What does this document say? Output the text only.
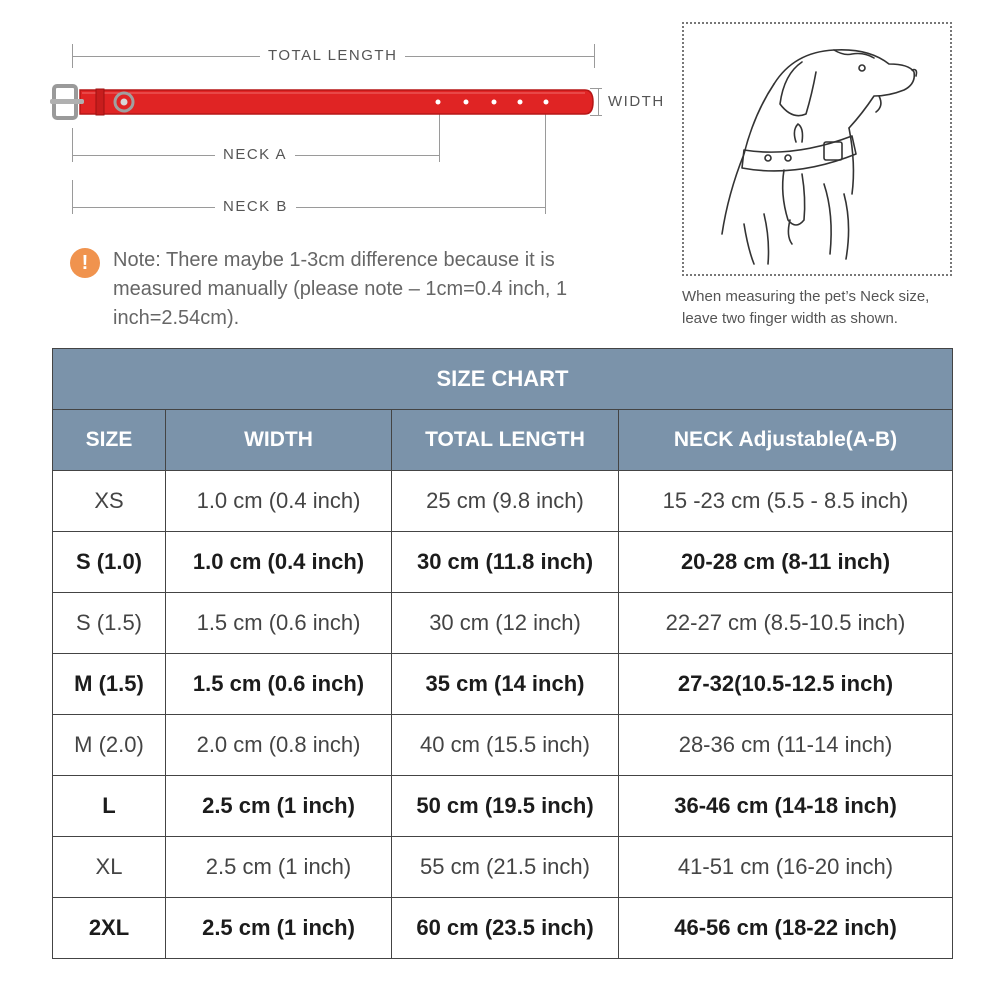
TOTAL LENGTH
WIDTH
NECK A
NECK B
!	Note: There maybe 1-3cm difference because it is measured manually (please note – 1cm=0.4 inch, 1 inch=2.54cm).
When measuring the pet’s Neck size,
leave two finger width as shown.
SIZE CHART			
SIZE	WIDTH	TOTAL LENGTH	NECK Adjustable(A-B)
XS	1.0 cm (0.4 inch)	25 cm (9.8 inch)	15 -23 cm (5.5 - 8.5 inch)
S (1.0)	1.0 cm (0.4 inch)	30 cm (11.8 inch)	20-28 cm (8-11 inch)
S (1.5)	1.5 cm (0.6 inch)	30 cm (12 inch)	22-27 cm (8.5-10.5 inch)
M (1.5)	1.5 cm (0.6 inch)	35 cm (14 inch)	27-32(10.5-12.5 inch)
M (2.0)	2.0 cm (0.8 inch)	40 cm (15.5 inch)	28-36 cm (11-14 inch)
L	2.5 cm (1 inch)	50 cm (19.5 inch)	36-46 cm (14-18 inch)
XL	2.5 cm (1 inch)	55 cm (21.5 inch)	41-51 cm (16-20 inch)
2XL	2.5 cm (1 inch)	60 cm (23.5 inch)	46-56 cm (18-22 inch)
